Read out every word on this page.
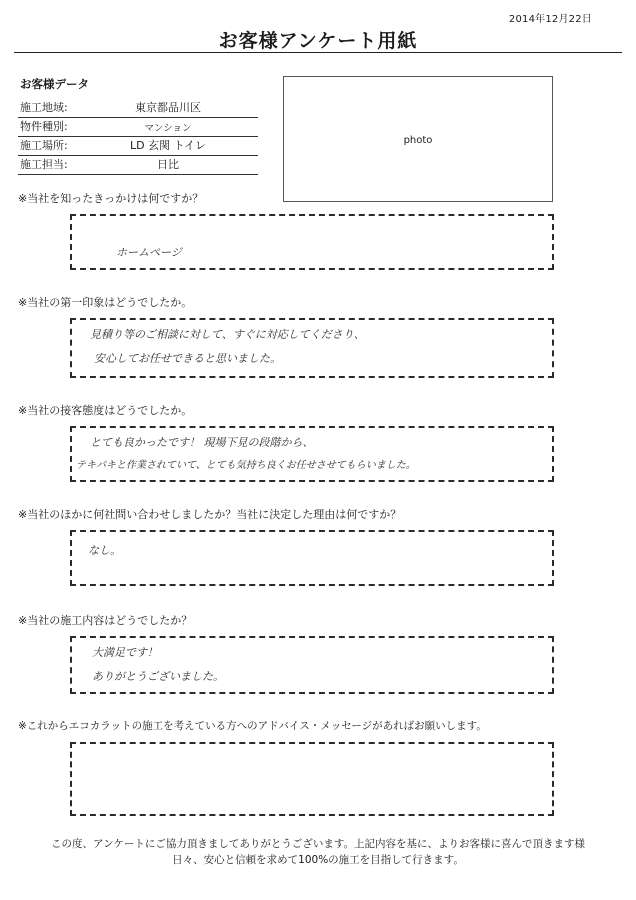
2014年12月22日
お客様アンケート用紙
お客様データ
施工地域:	東京都品川区
物件種別:	マンション
施工場所:	LD 玄関 トイレ
施工担当:	日比
photo
※当社を知ったきっかけは何ですか？
ホームページ
※当社の第一印象はどうでしたか。
見積り等のご相談に対して、すぐに対応してくださり、
安心してお任せできると思いました。
※当社の接客態度はどうでしたか。
とても良かったです！ 現場下見の段階から、
テキパキと作業されていて、とても気持ち良くお任せさせてもらいました。
※当社のほかに何社問い合わせしましたか？当社に決定した理由は何ですか？
なし。
※当社の施工内容はどうでしたか？
大満足です！
ありがとうございました。
※これからエコカラットの施工を考えている方へのアドバイス・メッセージがあればお願いします。
この度、アンケートにご協力頂きましてありがとうございます。上記内容を基に、よりお客様に喜んで頂きます様
日々、安心と信頼を求めて100%の施工を目指して行きます。
